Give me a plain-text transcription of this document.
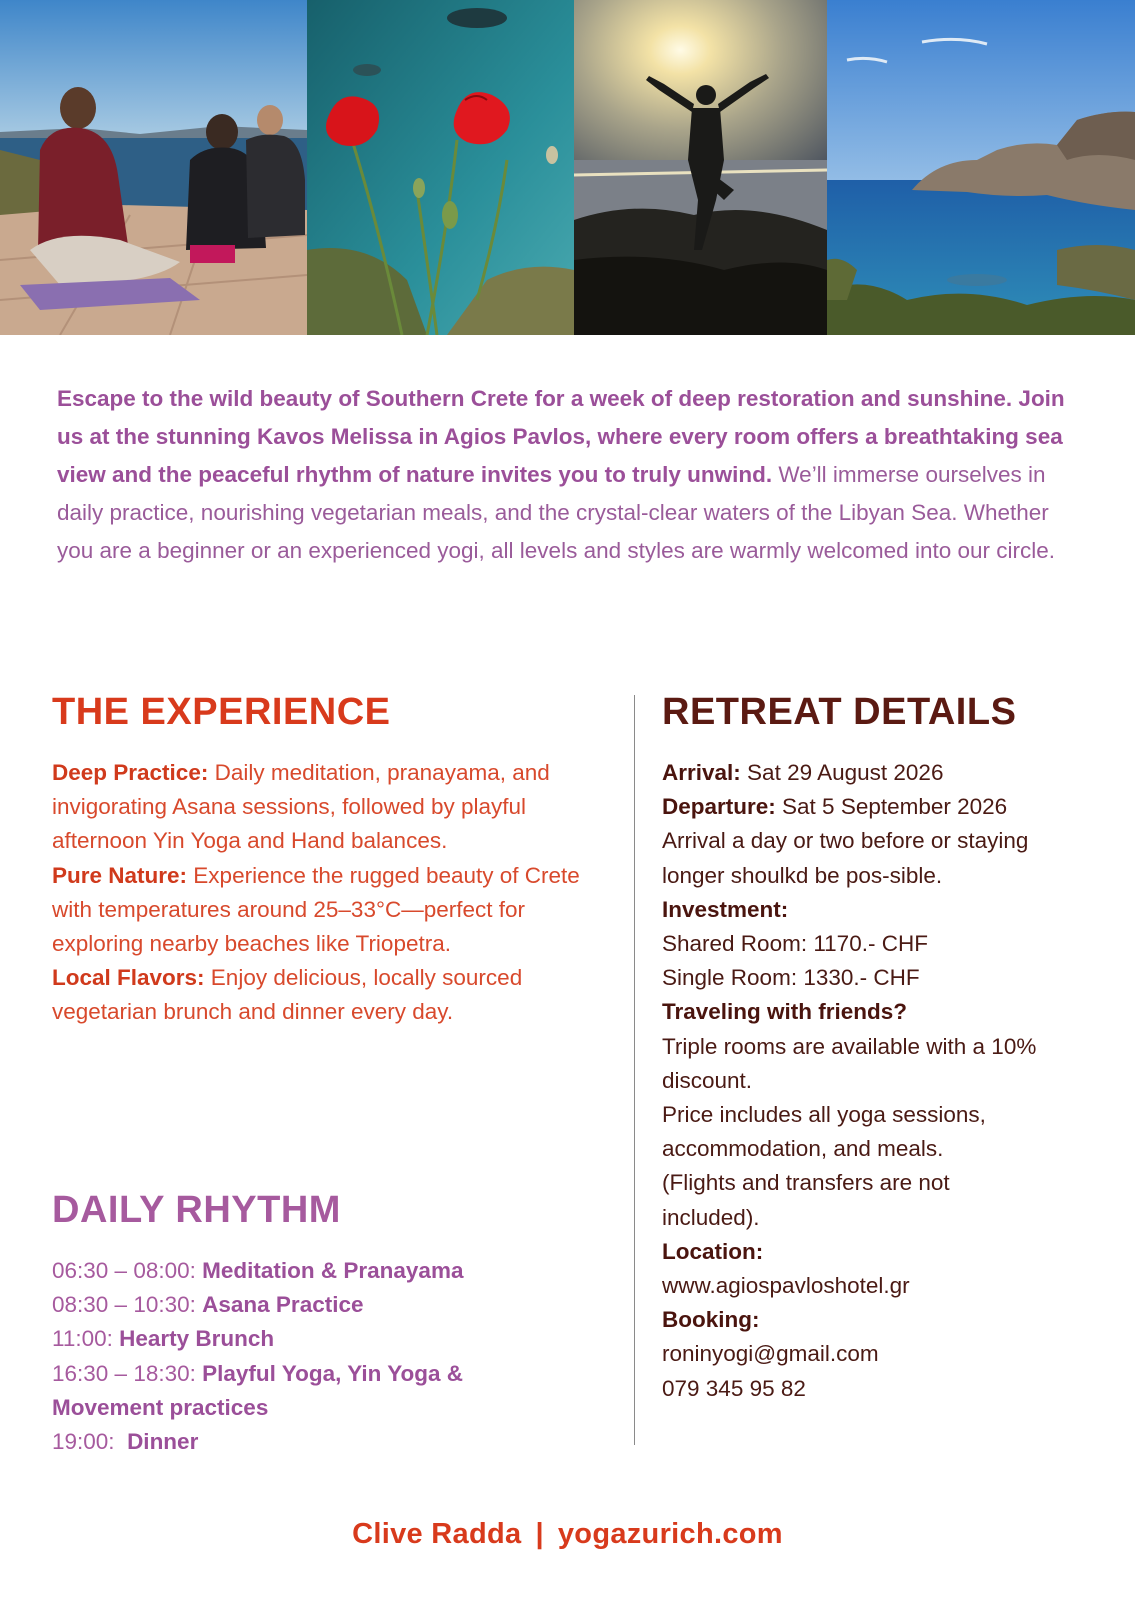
Escape to the wild beauty of Southern Crete for a week of deep restoration and sunshine. Join us at the stunning Kavos Melissa in Agios Pavlos, where every room offers a breathtaking sea view and the peaceful rhythm of nature invites you to truly unwind. We’ll immerse ourselves in daily practice, nourishing vegetarian meals, and the crystal-clear waters of the Libyan Sea. Whether you are a beginner or an experienced yogi, all levels and styles are warmly welcomed into our circle.

THE EXPERIENCE
Deep Practice: Daily meditation, pranayama, and invigorating Asana sessions, followed by playful afternoon Yin Yoga and Hand balances.
Pure Nature: Experience the rugged beauty of Crete with temperatures around 25–33°C—perfect for exploring nearby beaches like Triopetra.
Local Flavors: Enjoy delicious, locally sourced vegetarian brunch and dinner every day.
DAILY RHYTHM
06:30 – 08:00: Meditation & Pranayama
08:30 – 10:30: Asana Practice
11:00: Hearty Brunch
16:30 – 18:30: Playful Yoga, Yin Yoga & Movement practices
19:00:  Dinner
RETREAT DETAILS
Arrival: Sat 29 August 2026
Departure: Sat 5 September 2026
Arrival a day or two before or staying longer shoulkd be pos-sible.
Investment:
Shared Room: 1170.- CHF
Single Room: 1330.- CHF
Traveling with friends?
Triple rooms are available with a 10% discount.
Price includes all yoga sessions, accommodation, and meals.
(Flights and transfers are not included).
Location:
www.agiospavloshotel.gr
Booking:
roninyogi@gmail.com
079 345 95 82
Clive Radda | yogazurich.com
